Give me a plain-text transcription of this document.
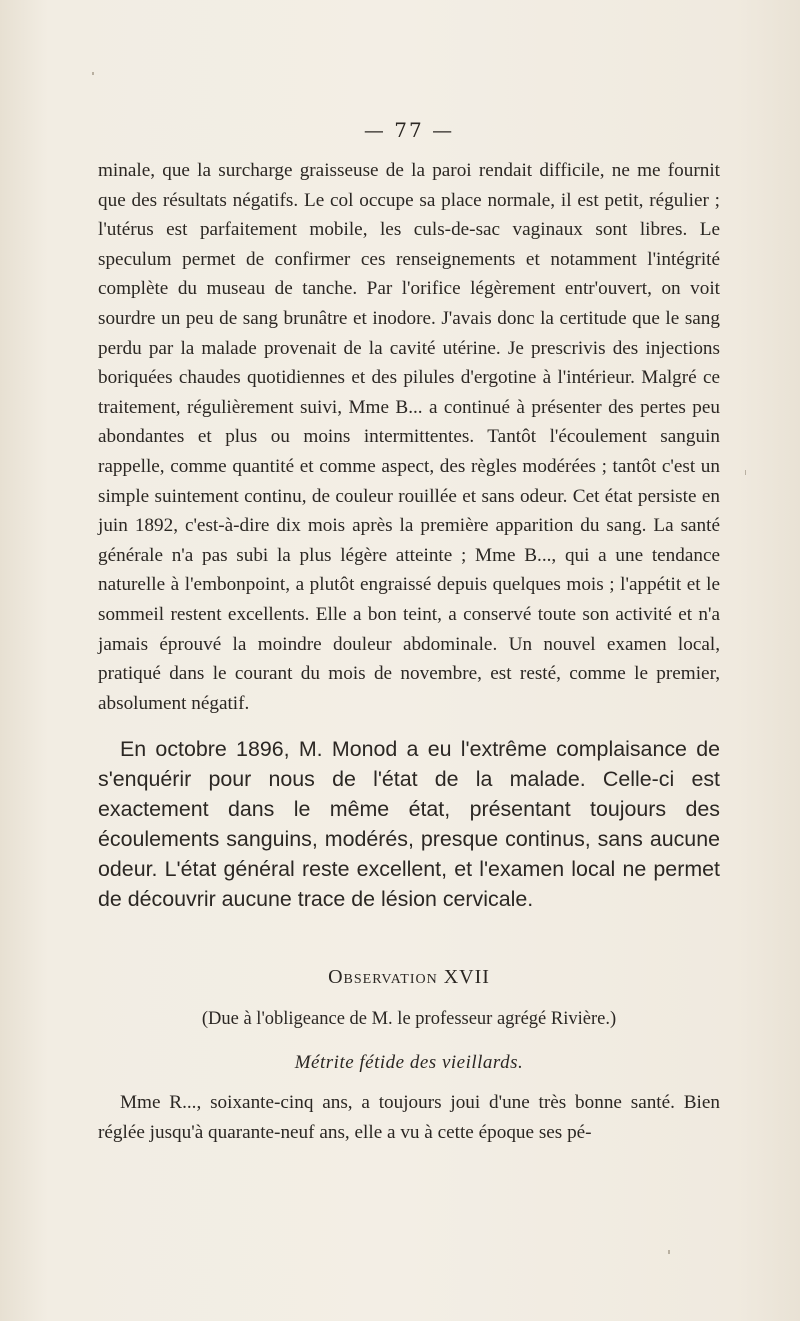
— 77 —

minale, que la surcharge graisseuse de la paroi rendait difficile, ne me fournit que des résultats négatifs. Le col occupe sa place normale, il est petit, régulier ; l'utérus est parfaitement mobile, les culs-de-sac vaginaux sont libres. Le speculum permet de confirmer ces renseignements et notamment l'intégrité complète du museau de tanche. Par l'orifice légèrement entr'ouvert, on voit sourdre un peu de sang brunâtre et inodore. J'avais donc la certitude que le sang perdu par la malade provenait de la cavité utérine. Je prescrivis des injections boriquées chaudes quotidiennes et des pilules d'ergotine à l'intérieur. Malgré ce traitement, régulièrement suivi, Mme B... a continué à présenter des pertes peu abondantes et plus ou moins intermittentes. Tantôt l'écoulement sanguin rappelle, comme quantité et comme aspect, des règles modérées ; tantôt c'est un simple suintement continu, de couleur rouillée et sans odeur. Cet état persiste en juin 1892, c'est-à-dire dix mois après la première apparition du sang. La santé générale n'a pas subi la plus légère atteinte ; Mme B..., qui a une tendance naturelle à l'embonpoint, a plutôt engraissé depuis quelques mois ; l'appétit et le sommeil restent excellents. Elle a bon teint, a conservé toute son activité et n'a jamais éprouvé la moindre douleur abdominale. Un nouvel examen local, pratiqué dans le courant du mois de novembre, est resté, comme le premier, absolument négatif.

En octobre 1896, M. Monod a eu l'extrême complaisance de s'enquérir pour nous de l'état de la malade. Celle-ci est exactement dans le même état, présentant toujours des écoulements sanguins, modérés, presque continus, sans aucune odeur. L'état général reste excellent, et l'examen local ne permet de découvrir aucune trace de lésion cervicale.

Observation XVII
(Due à l'obligeance de M. le professeur agrégé Rivière.)
Métrite fétide des vieillards.

Mme R..., soixante-cinq ans, a toujours joui d'une très bonne santé. Bien réglée jusqu'à quarante-neuf ans, elle a vu à cette époque ses pé-
